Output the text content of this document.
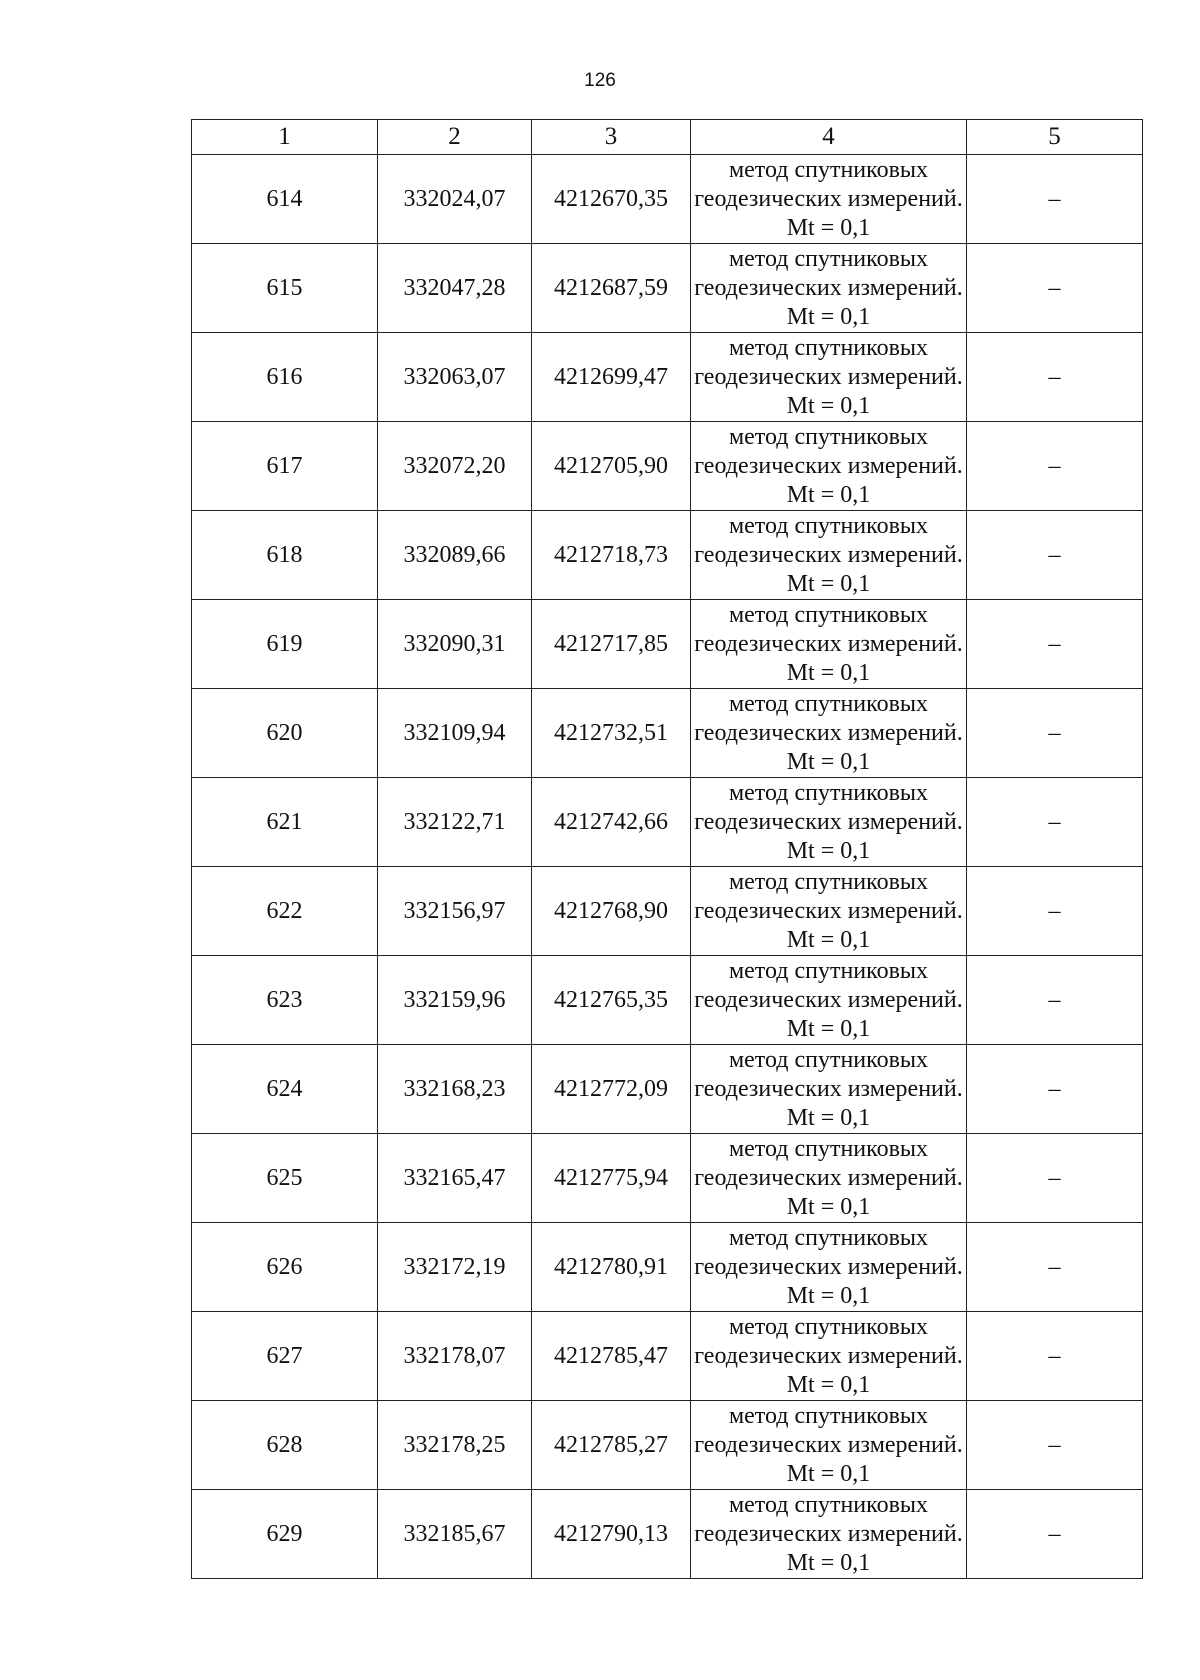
126
1	2	3	4	5
614	332024,07	4212670,35	метод спутниковых геодезических измерений. Mt = 0,1	–
615	332047,28	4212687,59	метод спутниковых геодезических измерений. Mt = 0,1	–
616	332063,07	4212699,47	метод спутниковых геодезических измерений. Mt = 0,1	–
617	332072,20	4212705,90	метод спутниковых геодезических измерений. Mt = 0,1	–
618	332089,66	4212718,73	метод спутниковых геодезических измерений. Mt = 0,1	–
619	332090,31	4212717,85	метод спутниковых геодезических измерений. Mt = 0,1	–
620	332109,94	4212732,51	метод спутниковых геодезических измерений. Mt = 0,1	–
621	332122,71	4212742,66	метод спутниковых геодезических измерений. Mt = 0,1	–
622	332156,97	4212768,90	метод спутниковых геодезических измерений. Mt = 0,1	–
623	332159,96	4212765,35	метод спутниковых геодезических измерений. Mt = 0,1	–
624	332168,23	4212772,09	метод спутниковых геодезических измерений. Mt = 0,1	–
625	332165,47	4212775,94	метод спутниковых геодезических измерений. Mt = 0,1	–
626	332172,19	4212780,91	метод спутниковых геодезических измерений. Mt = 0,1	–
627	332178,07	4212785,47	метод спутниковых геодезических измерений. Mt = 0,1	–
628	332178,25	4212785,27	метод спутниковых геодезических измерений. Mt = 0,1	–
629	332185,67	4212790,13	метод спутниковых геодезических измерений. Mt = 0,1	–
